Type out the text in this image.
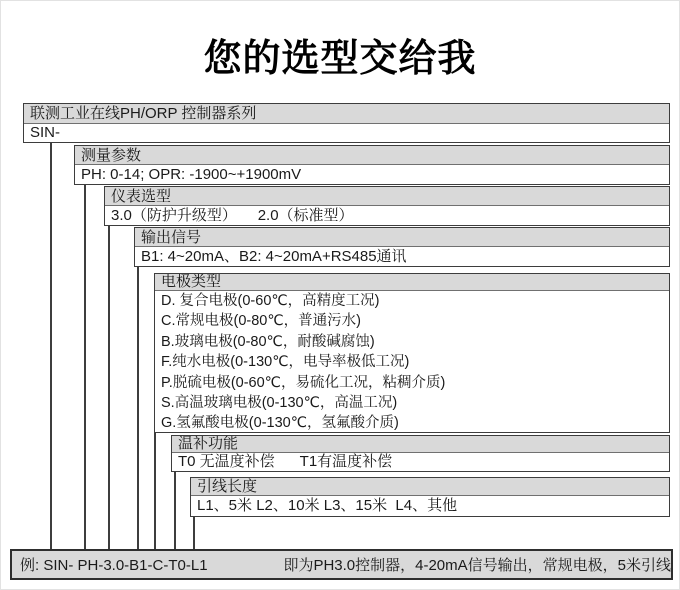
您的选型交给我
联测工业在线PH/ORP 控制器系列
SIN-
测量参数
PH: 0-14; OPR: -1900~+1900mV
仪表选型
3.0（防护升级型）     2.0（标准型）
输出信号
B1: 4~20mA、B2: 4~20mA+RS485通讯
电极类型
D. 复合电极(0-60℃，高精度工况)
C.常规电极(0-80℃，普通污水)
B.玻璃电极(0-80℃，耐酸碱腐蚀)
F.纯水电极(0-130℃，电导率极低工况)
P.脱硫电极(0-60℃，易硫化工况，粘稠介质)
S.高温玻璃电极(0-130℃，高温工况)
G.氢氟酸电极(0-130℃，氢氟酸介质)
温补功能
T0 无温度补偿      T1有温度补偿
引线长度
L1、5米 L2、10米 L3、15米  L4、其他
例: SIN- PH-3.0-B1-C-T0-L1	即为PH3.0控制器，4-20mA信号输出，常规电极，5米引线
